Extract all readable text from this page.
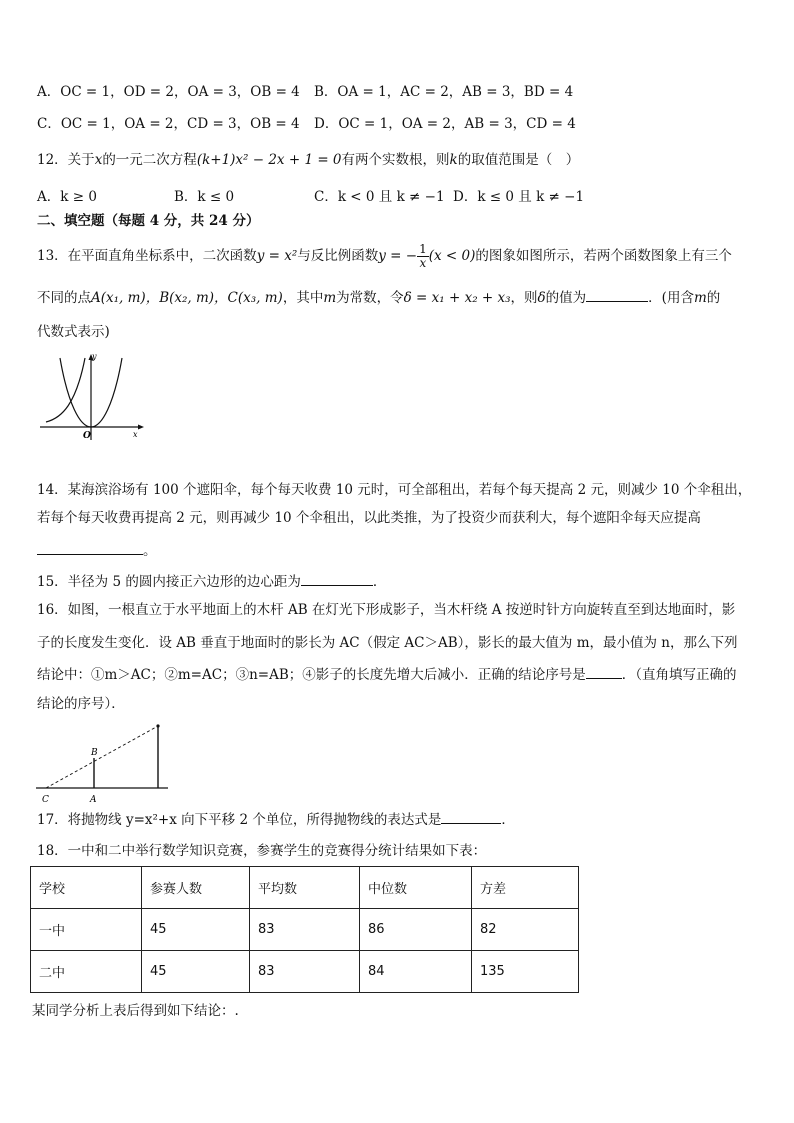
A．OC = 1，OD = 2，OA = 3，OB = 4 B．OA = 1，AC = 2，AB = 3，BD = 4
C．OC = 1，OA = 2，CD = 3，OB = 4 D．OC = 1，OA = 2，AB = 3，CD = 4
12．关于x的一元二次方程(k+1)x² − 2x + 1 = 0有两个实数根，则k的取值范围是（　）
A．k ≥ 0	B．k ≤ 0	C．k < 0 且 k ≠ −1 D．k ≤ 0 且 k ≠ −1
二、填空题（每题 4 分，共 24 分）
13．在平面直角坐标系中，二次函数y = x²与反比例函数y = − $\frac{1}{x} (x < 0)$的图象如图所示，若两个函数图象上有三个
不同的点A(x₁, m)，B(x₂, m)，C(x₃, m)，其中m为常数，令δ = x₁ + x₂ + x₃，则δ的值为	．(用含m的
代数式表示)
y
x
O
14．某海滨浴场有 100 个遮阳伞，每个每天收费 10 元时，可全部租出，若每个每天提高 2 元，则减少 10 个伞租出，
若每个每天收费再提高 2 元，则再减少 10 个伞租出，以此类推，为了投资少而获利大，每个遮阳伞每天应提高
。
15．半径为 5 的圆内接正六边形的边心距为	．
16．如图，一根直立于水平地面上的木杆 AB 在灯光下形成影子，当木杆绕 A 按逆时针方向旋转直至到达地面时，影
子的长度发生变化．设 AB 垂直于地面时的影长为 AC（假定 AC＞AB），影长的最大值为 m，最小值为 n，那么下列
结论中：①m＞AC；②m=AC；③n=AB；④影子的长度先增大后减小．正确的结论序号是	．（直角填写正确的
结论的序号）．
B
C	A
17．将抛物线 y=x²+x 向下平移 2 个单位，所得抛物线的表达式是	．
18．一中和二中举行数学知识竞赛，参赛学生的竞赛得分统计结果如下表：
学校	参赛人数	平均数	中位数	方差
一中	45	83	86	82
二中	45	83	84	135
某同学分析上表后得到如下结论：.
